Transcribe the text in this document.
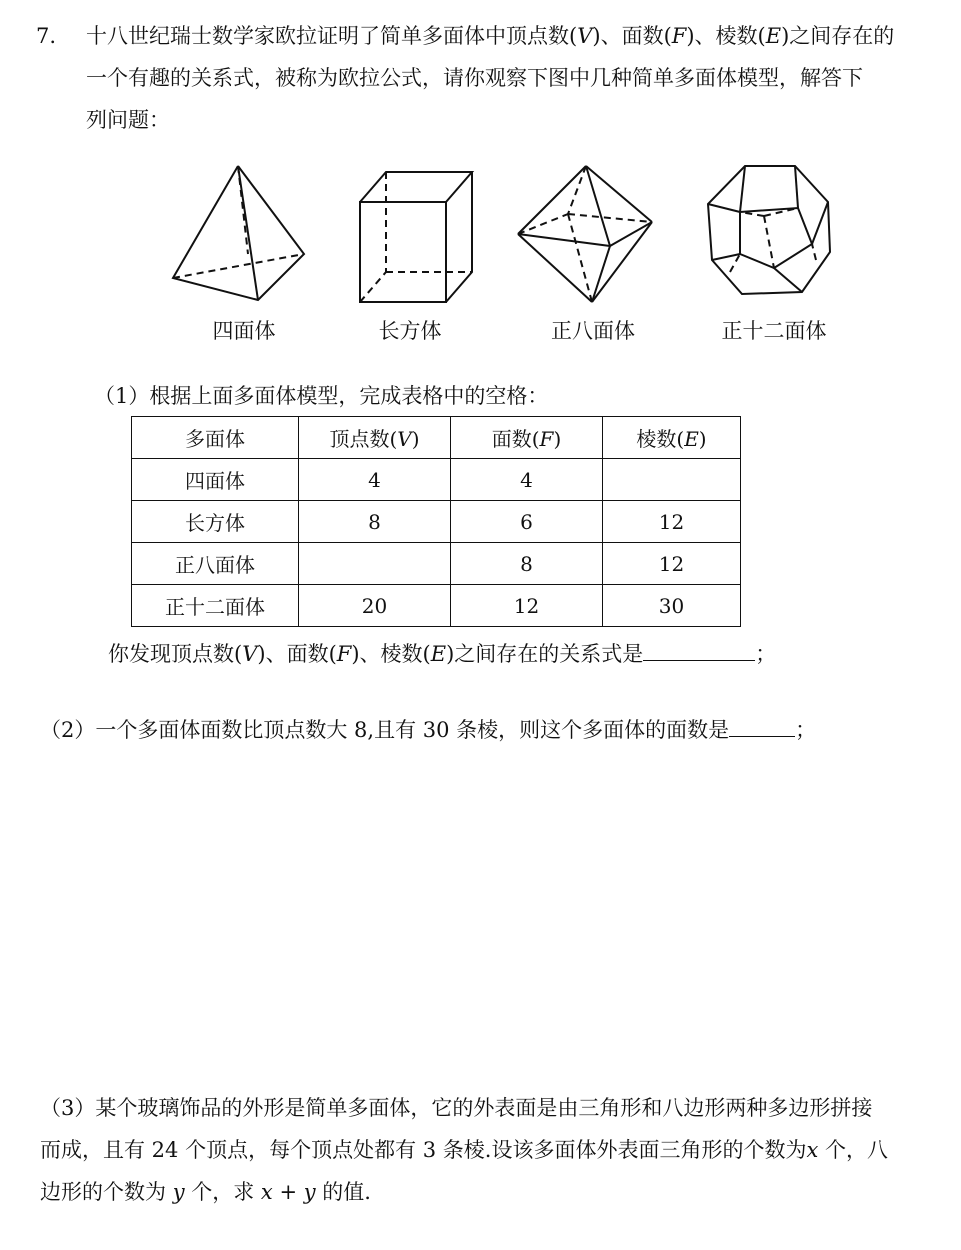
7. 十八世纪瑞士数学家欧拉证明了简单多面体中顶点数(V)、面数(F)、棱数(E)之间存在的
一个有趣的关系式，被称为欧拉公式，请你观察下图中几种简单多面体模型，解答下
列问题：
四面体	长方体	正八面体	正十二面体
（1）根据上面多面体模型，完成表格中的空格：
多面体	顶点数(V)	面数(F)	棱数(E)
四面体	4	4	
长方体	8	6	12
正八面体		8	12
正十二面体	20	12	30
你发现顶点数(V)、面数(F)、棱数(E)之间存在的关系式是	；
（2）一个多面体面数比顶点数大 8,且有 30 条棱，则这个多面体的面数是	；
（3）某个玻璃饰品的外形是简单多面体，它的外表面是由三角形和八边形两种多边形拼接
而成，且有 24 个顶点，每个顶点处都有 3 条棱.设该多面体外表面三角形的个数为x 个，八
边形的个数为 y 个，求 x + y 的值.
